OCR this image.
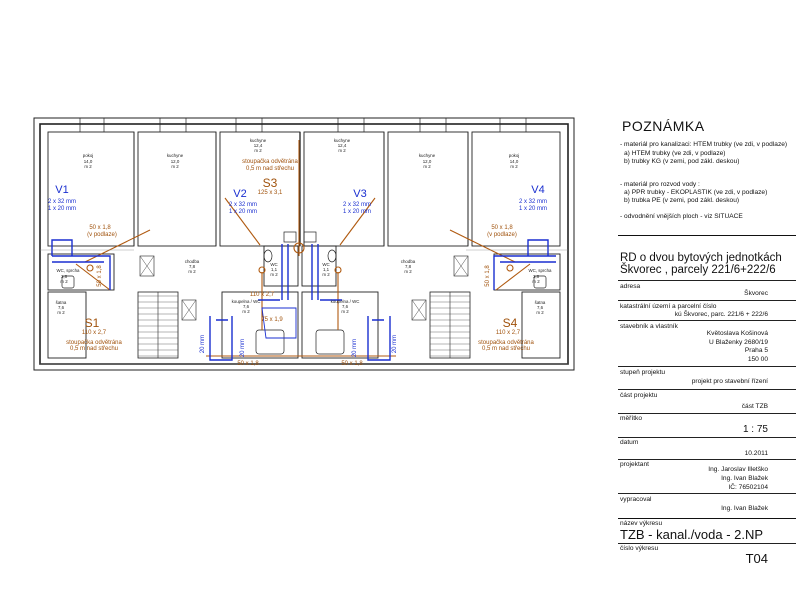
pokoj
14,0
m 2
kuchyne
12,0
m 2
kuchyne
12,4
m 2
kuchyne
12,4
m 2
kuchyne
12,0
m 2
pokoj
14,0
m 2
chodba
7,8
m 2
chodba
7,8
m 2
WC
1,1
m 2
WC
1,1
m 2
koupelna / WC
7,6
m 2
koupelna / WC
7,6
m 2
WC, sprcha
3,8
m 2
WC, sprcha
3,8
m 2
šatna
7,6
m 2
šatna
7,6
m 2
V1
2 x 32 mm
1 x 20 mm
V2
2 x 32 mm
1 x 20 mm
V3
2 x 32 mm
1 x 20 mm
V4
2 x 32 mm
1 x 20 mm
20 mm	20 mm
20 mm	20 mm
S3
stoupačka odvětrána
0,5 m nad střechu
125 x 3,1
S1
110 x 2,7
stoupačka odvětrána
0,5 m nad střechu
S4
110 x 2,7
stoupačka odvětrána
0,5 m nad střechu
50 x 1,8
(v podlaze)
50 x 1,8
(v podlaze)
110 x 2,7
75 x 1,9
50 x 1,8	50 x 1,8
50 x 1,8	50 x 1,8
POZNÁMKA
- materiál pro kanalizaci: HTEM trubky (ve zdi, v podlaze)
a) HTEM trubky (ve zdi, v podlaze)
b) trubky KG (v zemi, pod zákl. deskou)
- materiál pro rozvod vody :
a) PPR trubky - EKOPLASTIK (ve zdi, v podlaze)
b) trubka PE (v zemi, pod zákl. deskou)
- odvodnění vnějších ploch - viz SITUACE
RD o dvou bytových jednotkách
Škvorec , parcely 221/6+222/6
adresa
Škvorec
katastrální území a parcelní číslo
kú Škvorec, parc. 221/6 + 222/6
stavebník a vlastník
Květoslava Košinová
U Blaženky 2680/19
Praha 5
150 00
stupeň projektu
projekt pro stavební řízení
část projektu
část TZB
měřítko
1 : 75
datum
10.2011
projektant
Ing. Jaroslav Illetško
Ing. Ivan Blažek
IČ: 76502104
vypracoval
Ing. Ivan Blažek
název výkresu
TZB - kanal./voda - 2.NP
číslo výkresu
T04
